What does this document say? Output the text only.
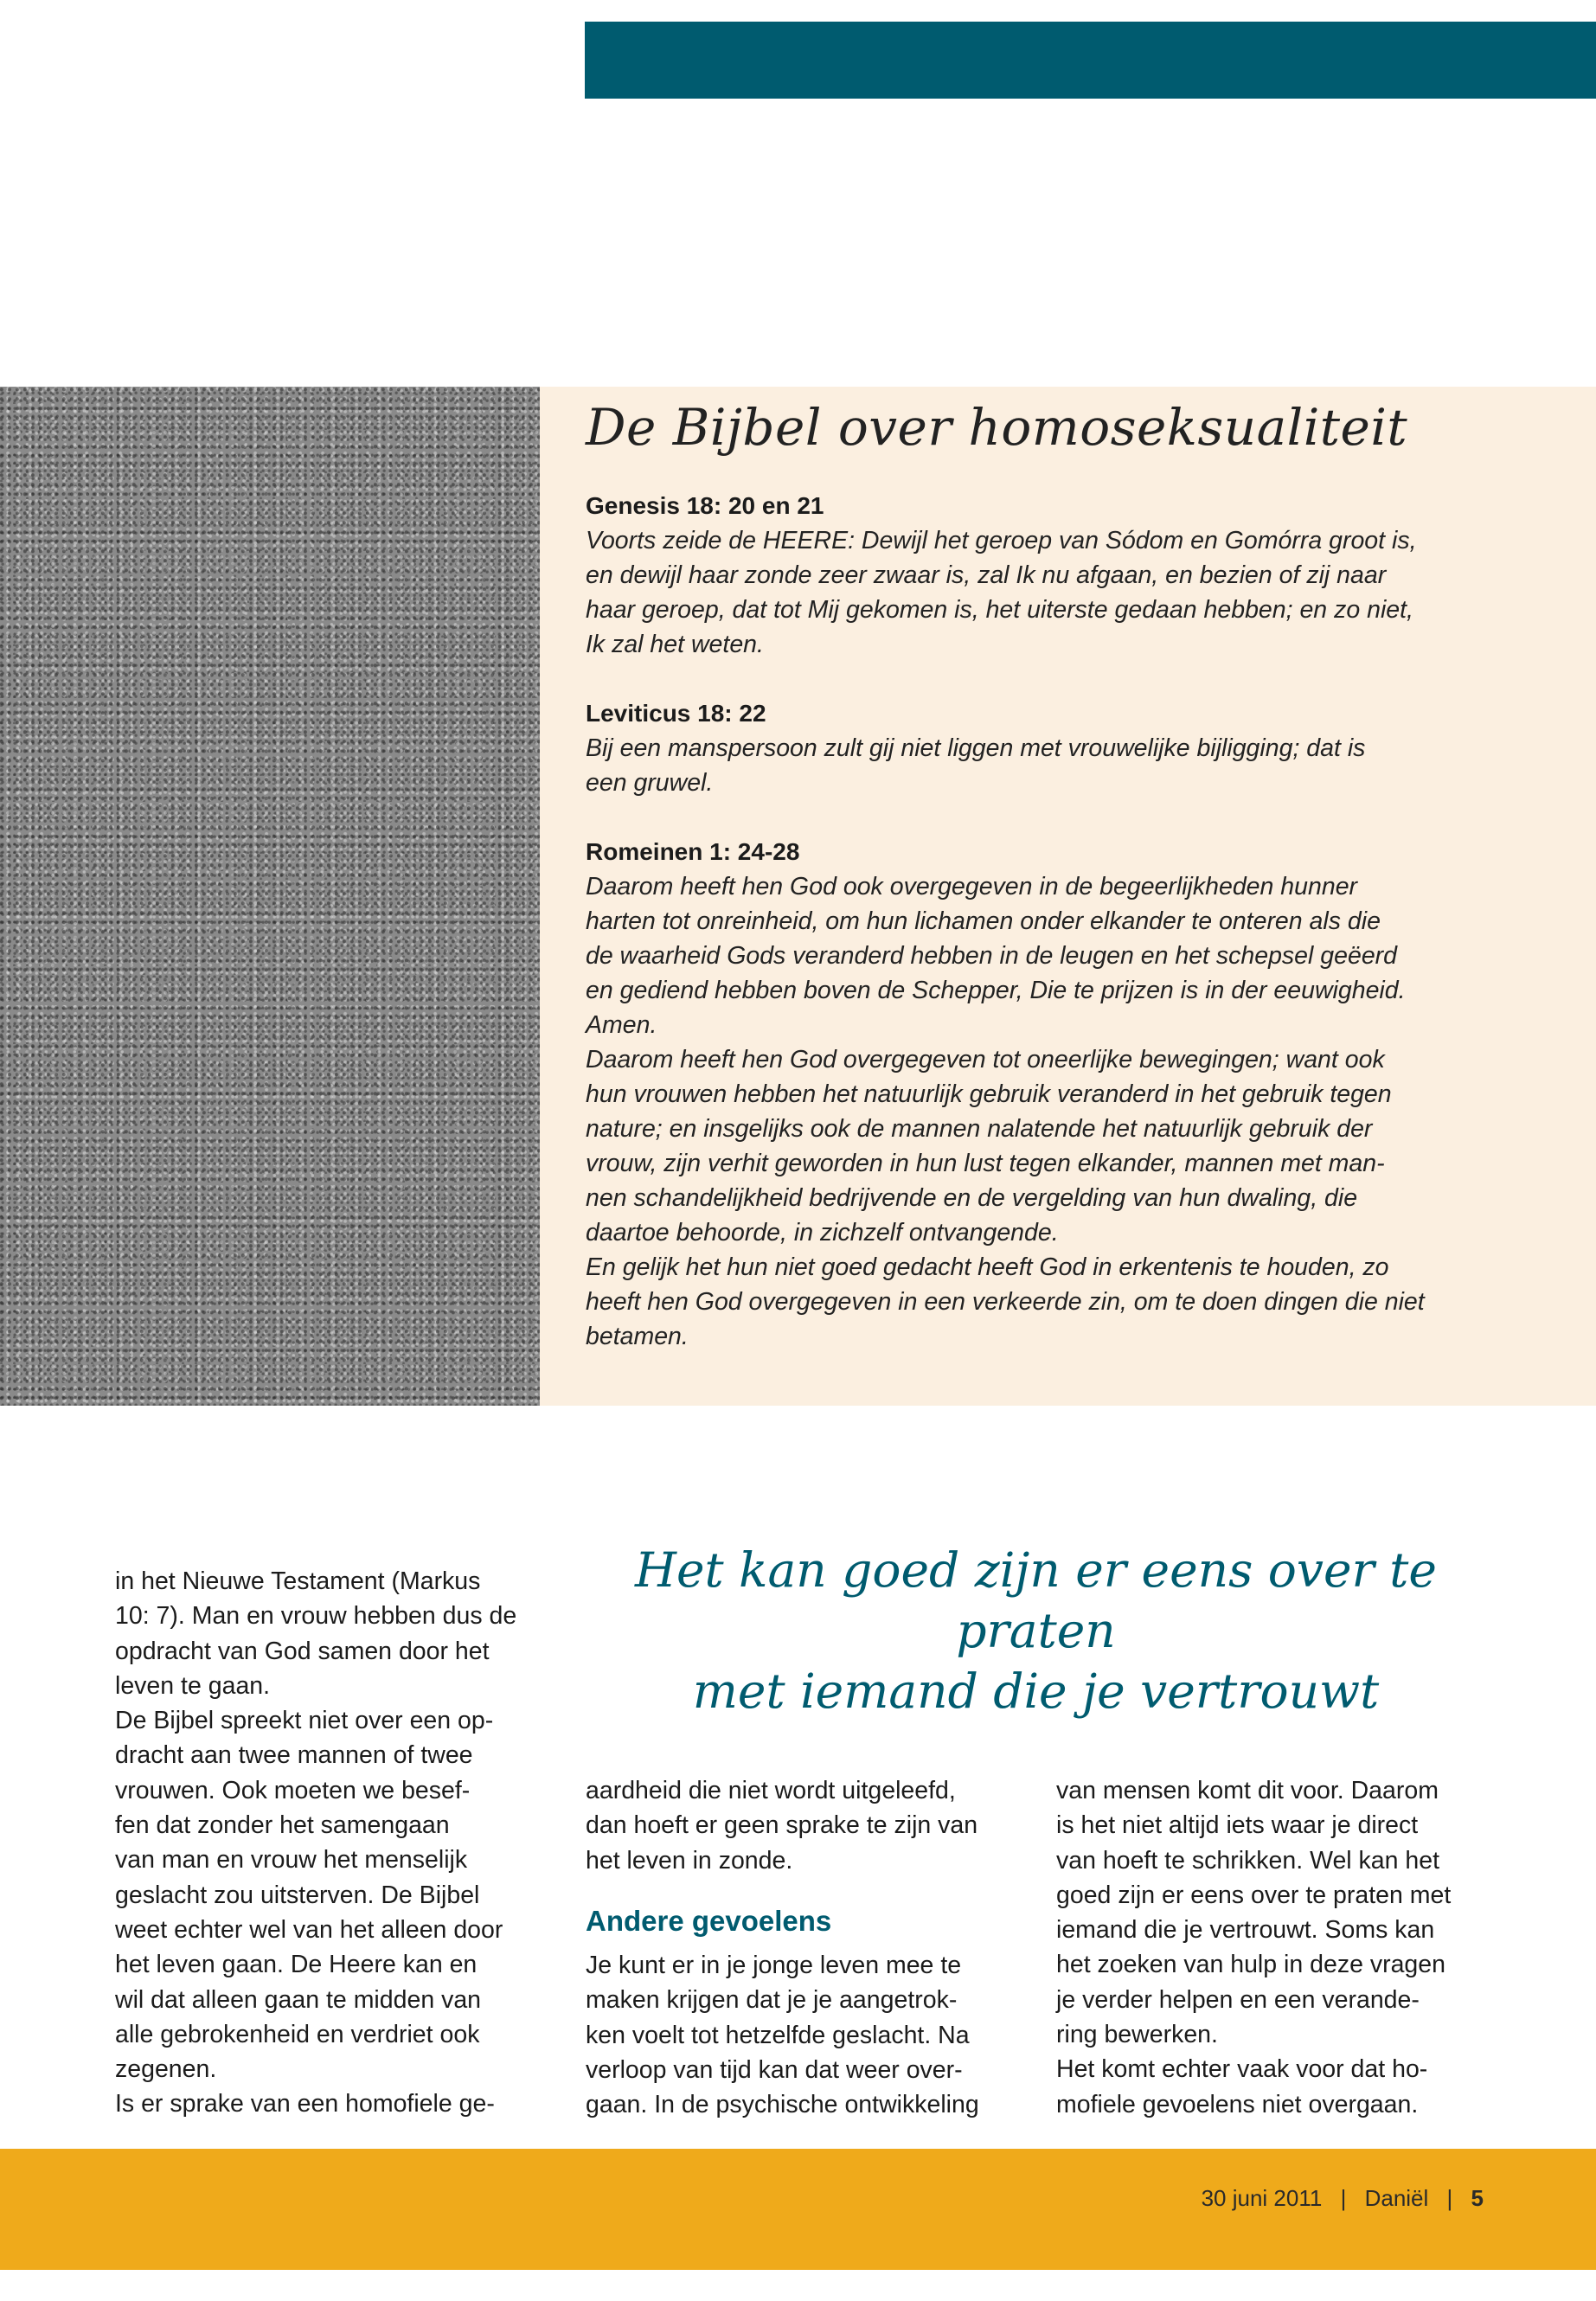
De Bijbel over homoseksualiteit
Genesis 18: 20 en 21

Voorts zeide de HEERE: Dewijl het geroep van Sódom en Gomórra groot is,
en dewijl haar zonde zeer zwaar is, zal Ik nu afgaan, en bezien of zij naar
haar geroep, dat tot Mij gekomen is, het uiterste gedaan hebben; en zo niet,
Ik zal het weten.

Leviticus 18: 22

Bij een manspersoon zult gij niet liggen met vrouwelijke bijligging; dat is
een gruwel.

Romeinen 1: 24-28

Daarom heeft hen God ook overgegeven in de begeerlijkheden hunner
harten tot onreinheid, om hun lichamen onder elkander te onteren als die
de waarheid Gods veranderd hebben in de leugen en het schepsel geëerd
en gediend hebben boven de Schepper, Die te prijzen is in der eeuwigheid.
Amen.
Daarom heeft hen God overgegeven tot oneerlijke bewegingen; want ook
hun vrouwen hebben het natuurlijk gebruik veranderd in het gebruik tegen
nature; en insgelijks ook de mannen nalatende het natuurlijk gebruik der
vrouw, zijn verhit geworden in hun lust tegen elkander, mannen met man-
nen schandelijkheid bedrijvende en de vergelding van hun dwaling, die
daartoe behoorde, in zichzelf ontvangende.
En gelijk het hun niet goed gedacht heeft God in erkentenis te houden, zo
heeft hen God overgegeven in een verkeerde zin, om te doen dingen die niet
betamen.

in het Nieuwe Testament (Markus
10: 7). Man en vrouw hebben dus de
opdracht van God samen door het
leven te gaan.
De Bijbel spreekt niet over een op-
dracht aan twee mannen of twee
vrouwen. Ook moeten we besef-
fen dat zonder het samengaan
van man en vrouw het menselijk
geslacht zou uitsterven. De Bijbel
weet echter wel van het alleen door
het leven gaan. De Heere kan en
wil dat alleen gaan te midden van
alle gebrokenheid en verdriet ook
zegenen.
Is er sprake van een homofiele ge-

Het kan goed zijn er eens over te praten
met iemand die je vertrouwt

aardheid die niet wordt uitgeleefd,
dan hoeft er geen sprake te zijn van
het leven in zonde.

Andere gevoelens

Je kunt er in je jonge leven mee te
maken krijgen dat je je aangetrok-
ken voelt tot hetzelfde geslacht. Na
verloop van tijd kan dat weer over-
gaan. In de psychische ontwikkeling

van mensen komt dit voor. Daarom
is het niet altijd iets waar je direct
van hoeft te schrikken. Wel kan het
goed zijn er eens over te praten met
iemand die je vertrouwt. Soms kan
het zoeken van hulp in deze vragen
je verder helpen en een verande-
ring bewerken.
Het komt echter vaak voor dat ho-
mofiele gevoelens niet overgaan.

30 juni 2011 | Daniël | 5
